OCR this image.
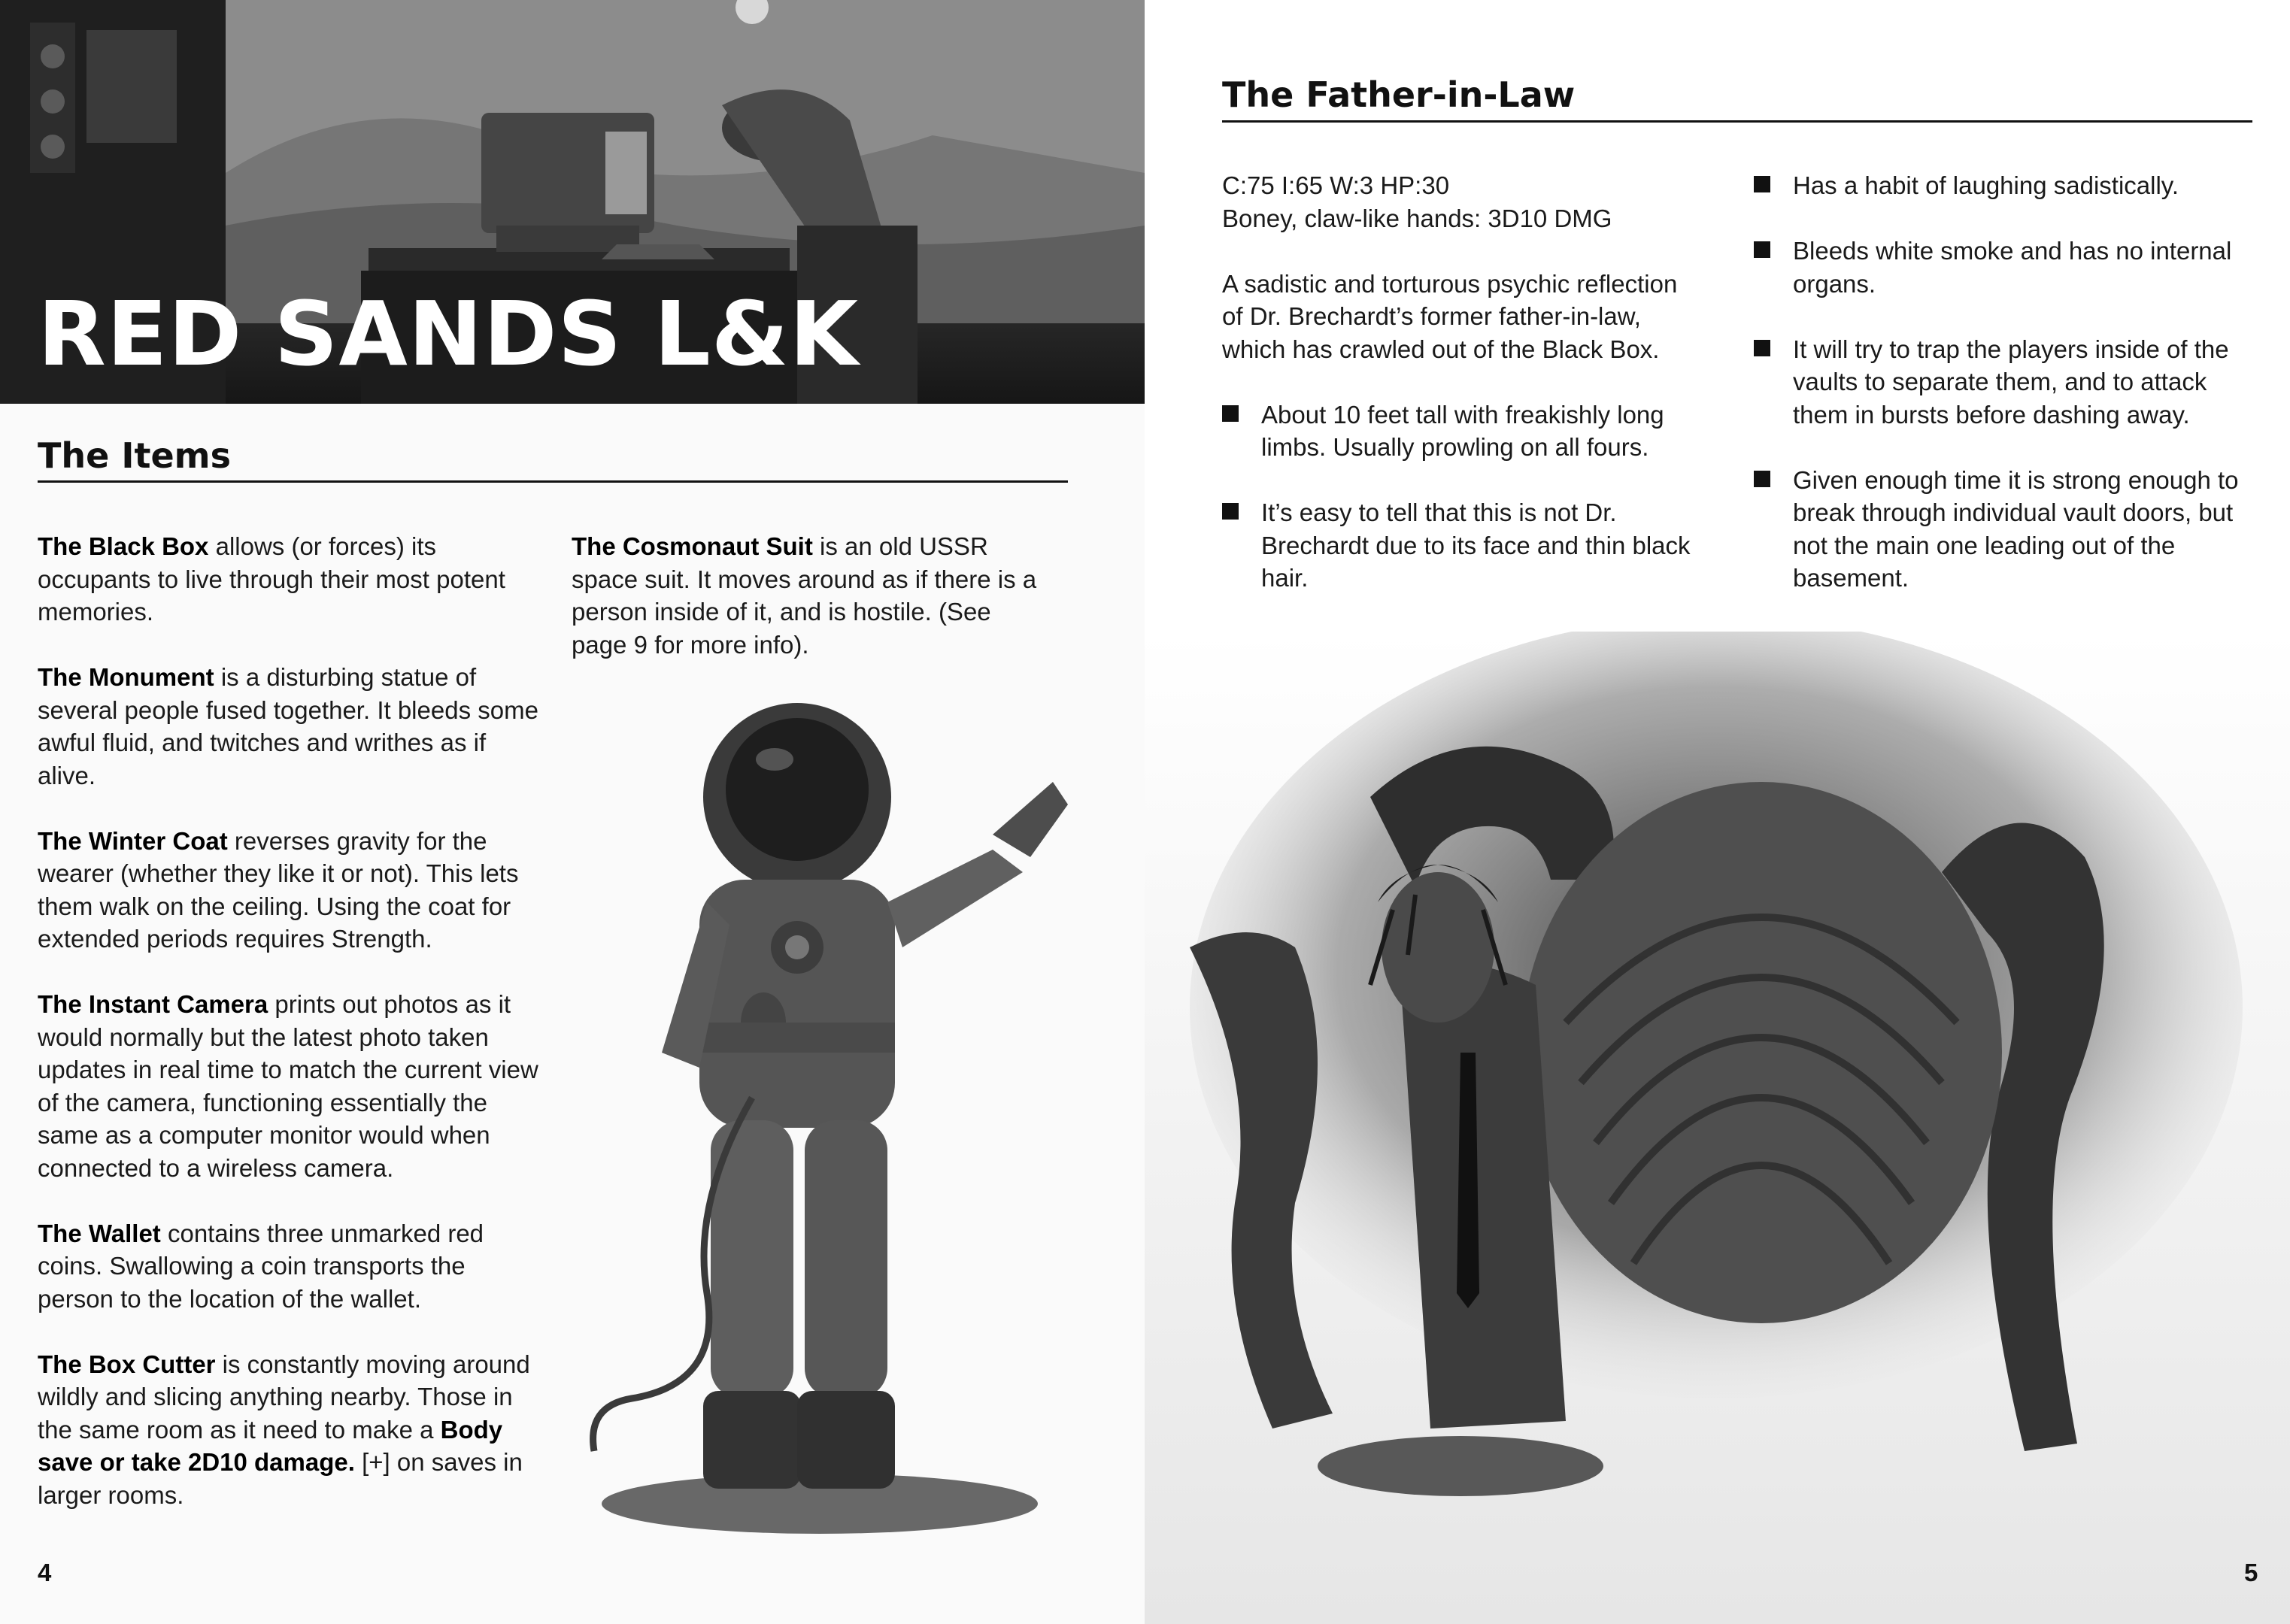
RED SANDS L&K
The Items

The Black Box allows (or forces) its occupants to live through their most potent memories.

The Monument is a disturbing statue of several people fused together. It bleeds some awful fluid, and twitches and writhes as if alive.

The Winter Coat reverses gravity for the wearer (whether they like it or not). This lets them walk on the ceiling. Using the coat for extended periods requires Strength.

The Instant Camera prints out photos as it would normally but the latest photo taken updates in real time to match the current view of the camera, functioning essentially the same as a computer monitor would when connected to a wireless camera.

The Wallet contains three unmarked red coins. Swallowing a coin transports the person to the location of the wallet.

The Box Cutter is constantly moving around wildly and slicing anything nearby. Those in the same room as it need to make a Body save or take 2D10 damage. [+] on saves in larger rooms.

The Cosmonaut Suit is an old USSR space suit. It moves around as if there is a person inside of it, and is hostile. (See page 9 for more info).

4
The Father-in-Law
C:75 I:65 W:3 HP:30
Boney, claw-like hands: 3D10 DMG

A sadistic and torturous psychic reflection of Dr. Brechardt’s former father-in-law, which has crawled out of the Black Box.

About 10 feet tall with freakishly long limbs. Usually prowling on all fours.
It’s easy to tell that this is not Dr. Brechardt due to its face and thin black hair.
Has a habit of laughing sadistically.
Bleeds white smoke and has no internal organs.
It will try to trap the players inside of the vaults to separate them, and to attack them in bursts before dashing away.
Given enough time it is strong enough to break through individual vault doors, but not the main one leading out of the basement.
5
